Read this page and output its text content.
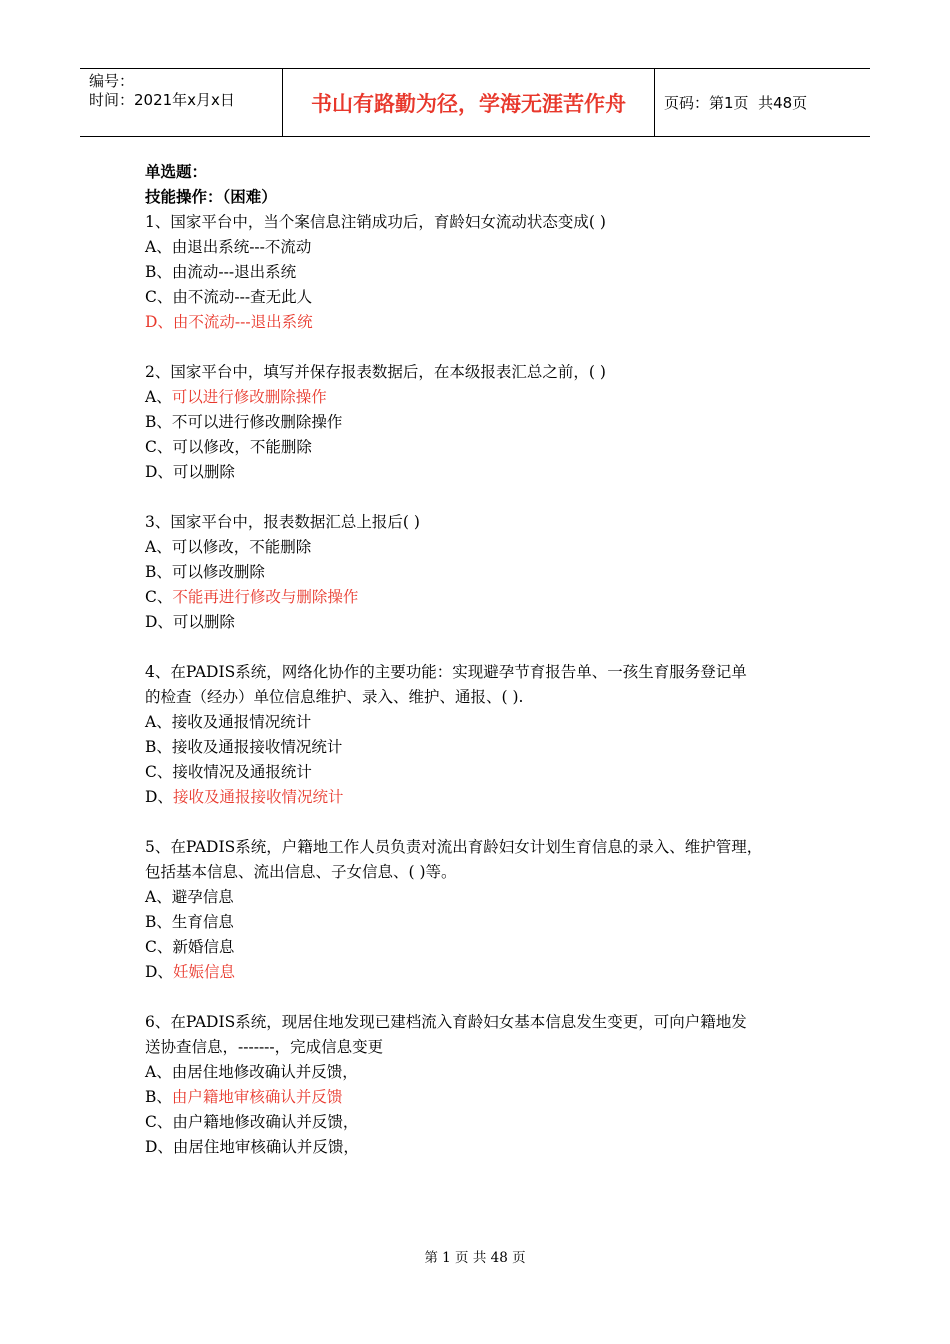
编号：
时间：2021年x月x日	书山有路勤为径，学海无涯苦作舟	页码：第1页  共48页
单选题：
技能操作：（困难）
1、国家平台中，当个案信息注销成功后，育龄妇女流动状态变成( )
A、由退出系统---不流动
B、由流动---退出系统
C、由不流动---查无此人
D、由不流动---退出系统
2、国家平台中，填写并保存报表数据后，在本级报表汇总之前，( )
A、可以进行修改删除操作
B、不可以进行修改删除操作
C、可以修改，不能删除
D、可以删除
3、国家平台中，报表数据汇总上报后( )
A、可以修改，不能删除
B、可以修改删除
C、不能再进行修改与删除操作
D、可以删除
4、在PADIS系统，网络化协作的主要功能：实现避孕节育报告单、一孩生育服务登记单
的检查（经办）单位信息维护、录入、维护、通报、( ).
A、接收及通报情况统计
B、接收及通报接收情况统计
C、接收情况及通报统计
D、接收及通报接收情况统计
5、在PADIS系统，户籍地工作人员负责对流出育龄妇女计划生育信息的录入、维护管理，
包括基本信息、流出信息、子女信息、( )等。
A、避孕信息
B、生育信息
C、新婚信息
D、妊娠信息
6、在PADIS系统，现居住地发现已建档流入育龄妇女基本信息发生变更，可向户籍地发
送协查信息，-------，完成信息变更
A、由居住地修改确认并反馈，
B、由户籍地审核确认并反馈
C、由户籍地修改确认并反馈，
D、由居住地审核确认并反馈，
第 1 页 共 48 页
